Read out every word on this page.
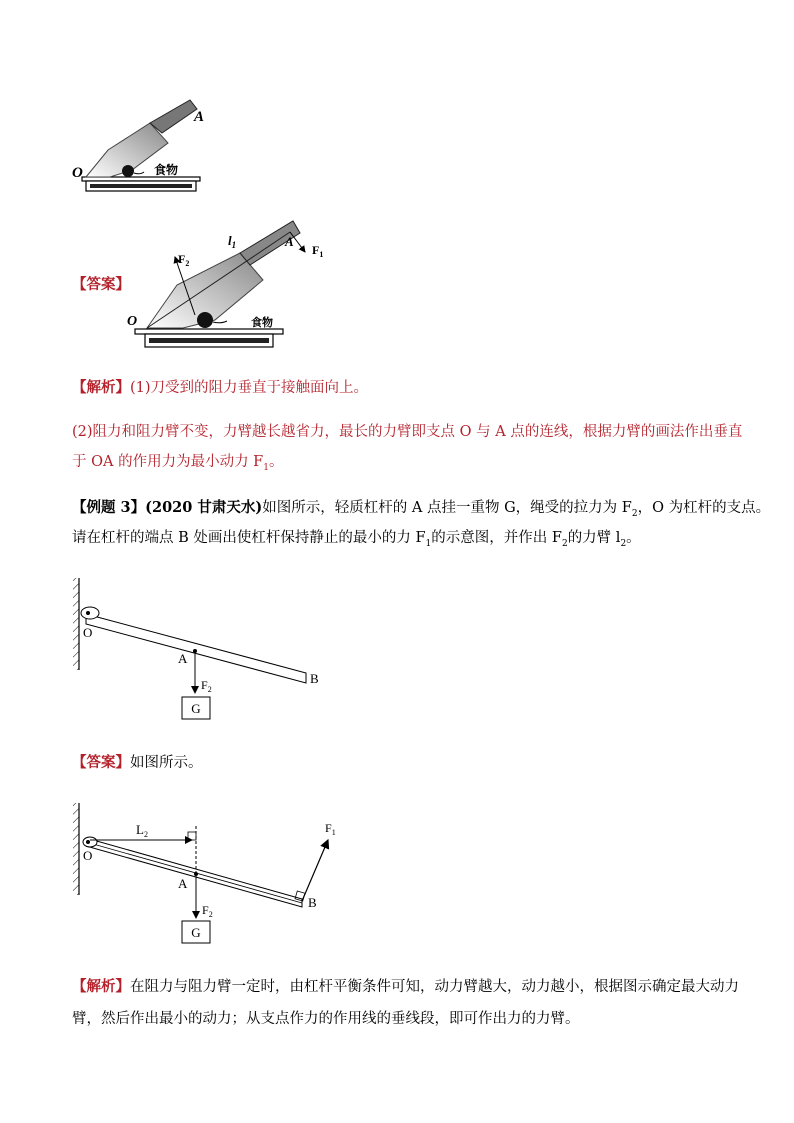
A
O	食物
【答案】
$l_1$	A
$F_1$
$F_2$
O	食物
【解析】(1)刀受到的阻力垂直于接触面向上。
(2)阻力和阻力臂不变，力臂越长越省力，最长的力臂即支点 O 与 A 点的连线，根据力臂的画法作出垂直
于 OA 的作用力为最小动力 $F_1$。
【例题 3】(2020 甘肃天水)如图所示，轻质杠杆的 A 点挂一重物 G，绳受的拉力为 $F_2$，O 为杠杆的支点。
请在杠杆的端点 B 处画出使杠杆保持静止的最小的力 $F_1$的示意图，并作出 $F_2$的力臂 $l_2$。
G
O
A
B
$F_2$
【答案】如图所示。
G
$L_2$
O
A
B
$F_1$
$F_2$
【解析】在阻力与阻力臂一定时，由杠杆平衡条件可知，动力臂越大，动力越小，根据图示确定最大动力
臂，然后作出最小的动力；从支点作力的作用线的垂线段，即可作出力的力臂。
